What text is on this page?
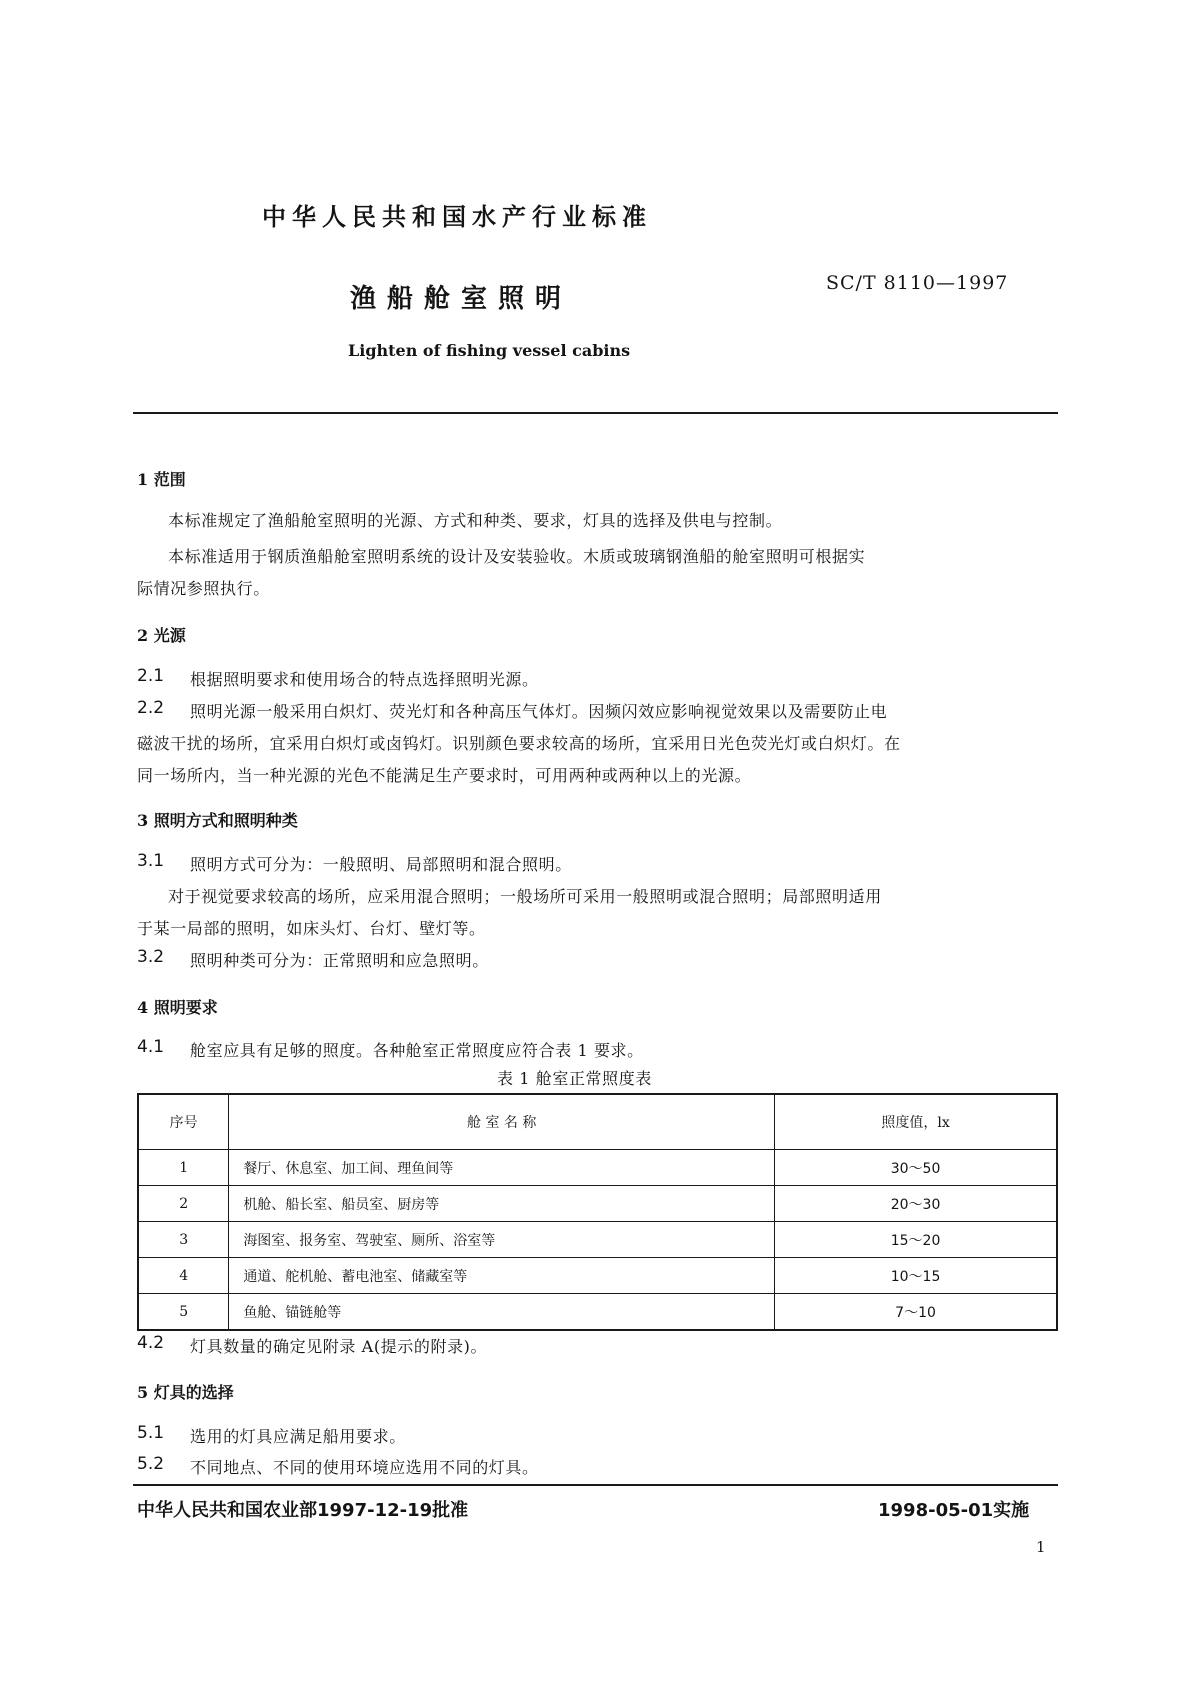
中华人民共和国水产行业标准
渔船舱室照明
SC/T 8110—1997
Lighten of fishing vessel cabins
1 范围
本标准规定了渔船舱室照明的光源、方式和种类、要求，灯具的选择及供电与控制。
本标准适用于钢质渔船舱室照明系统的设计及安装验收。木质或玻璃钢渔船的舱室照明可根据实
际情况参照执行。
2 光源
2.1 根据照明要求和使用场合的特点选择照明光源。
2.2 照明光源一般采用白炽灯、荧光灯和各种高压气体灯。因频闪效应影响视觉效果以及需要防止电
磁波干扰的场所，宜采用白炽灯或卤钨灯。识别颜色要求较高的场所，宜采用日光色荧光灯或白炽灯。在
同一场所内，当一种光源的光色不能满足生产要求时，可用两种或两种以上的光源。
3 照明方式和照明种类
3.1 照明方式可分为：一般照明、局部照明和混合照明。
对于视觉要求较高的场所，应采用混合照明；一般场所可采用一般照明或混合照明；局部照明适用
于某一局部的照明，如床头灯、台灯、壁灯等。
3.2 照明种类可分为：正常照明和应急照明。
4 照明要求
4.1 舱室应具有足够的照度。各种舱室正常照度应符合表 1 要求。
表 1 舱室正常照度表
序号	舱 室 名 称	照度值，lx
1	餐厅、休息室、加工间、理鱼间等	30～50
2	机舱、船长室、船员室、厨房等	20～30
3	海图室、报务室、驾驶室、厕所、浴室等	15～20
4	通道、舵机舱、蓄电池室、储藏室等	10～15
5	鱼舱、锚链舱等	7～10
4.2 灯具数量的确定见附录 A(提示的附录)。
5 灯具的选择
5.1 选用的灯具应满足船用要求。
5.2 不同地点、不同的使用环境应选用不同的灯具。
中华人民共和国农业部1997-12-19批准	1998-05-01实施
1
